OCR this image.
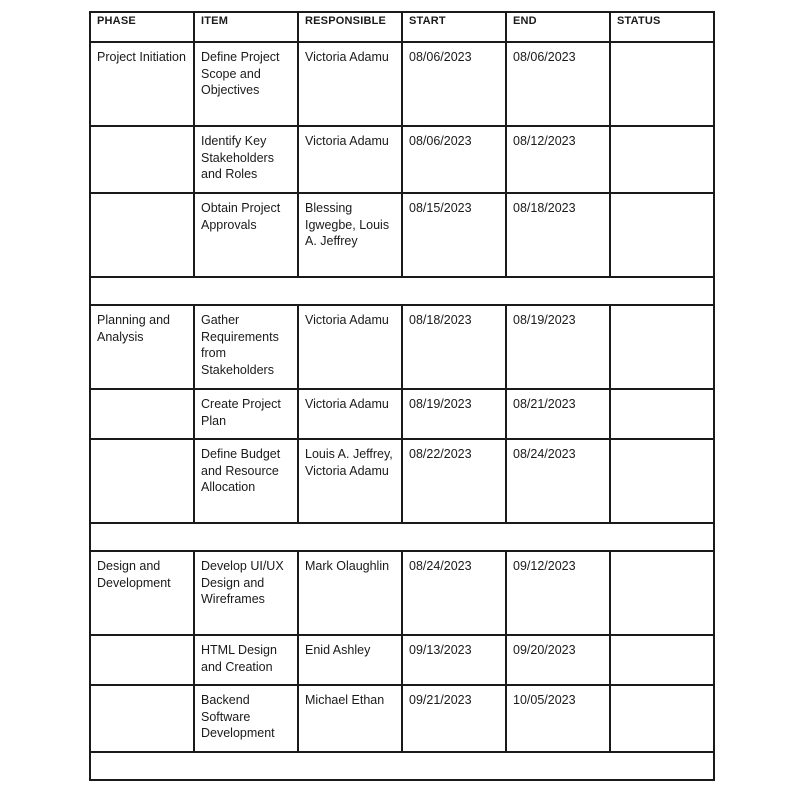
PHASE	ITEM	RESPONSIBLE	START	END	STATUS
Project Initiation	Define Project Scope and Objectives	Victoria Adamu	08/06/2023	08/06/2023	
	Identify Key Stakeholders and Roles	Victoria Adamu	08/06/2023	08/12/2023	
	Obtain Project Approvals	Blessing Igwegbe, Louis A. Jeffrey	08/15/2023	08/18/2023	

Planning and Analysis	Gather Requirements from Stakeholders	Victoria Adamu	08/18/2023	08/19/2023	
	Create Project Plan	Victoria Adamu	08/19/2023	08/21/2023	
	Define Budget and Resource Allocation	Louis A. Jeffrey, Victoria Adamu	08/22/2023	08/24/2023	

Design and Development	Develop UI/UX Design and Wireframes	Mark Olaughlin	08/24/2023	09/12/2023	
	HTML Design and Creation	Enid Ashley	09/13/2023	09/20/2023	
	Backend Software Development	Michael Ethan	09/21/2023	10/05/2023	
